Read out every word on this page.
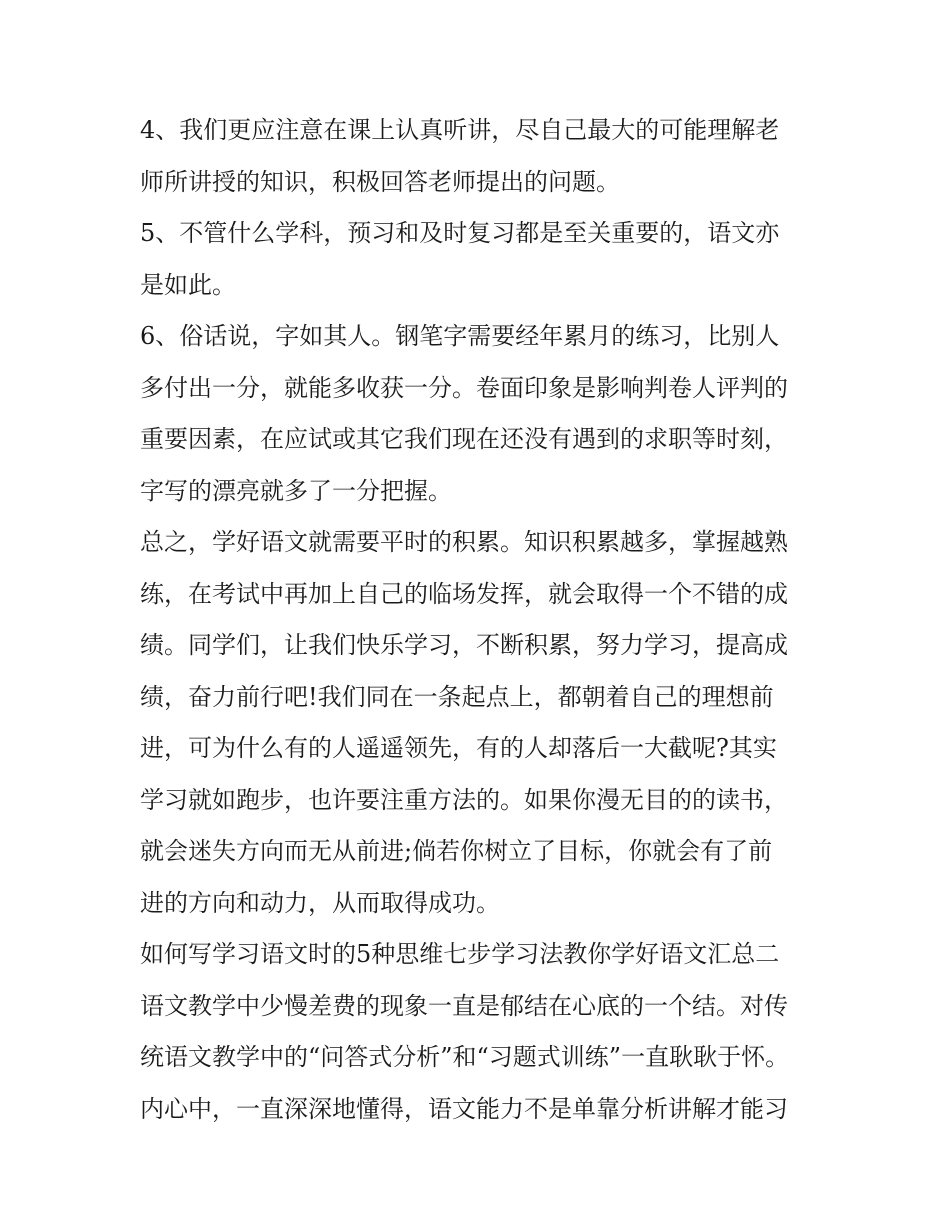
4、我们更应注意在课上认真听讲，尽自己最大的可能理解老
师所讲授的知识，积极回答老师提出的问题。
5、不管什么学科，预习和及时复习都是至关重要的，语文亦
是如此。
6、俗话说，字如其人。钢笔字需要经年累月的练习，比别人
多付出一分，就能多收获一分。卷面印象是影响判卷人评判的
重要因素，在应试或其它我们现在还没有遇到的求职等时刻，
字写的漂亮就多了一分把握。
总之，学好语文就需要平时的积累。知识积累越多，掌握越熟
练，在考试中再加上自己的临场发挥，就会取得一个不错的成
绩。同学们，让我们快乐学习，不断积累，努力学习，提高成
绩，奋力前行吧!我们同在一条起点上，都朝着自己的理想前
进，可为什么有的人遥遥领先，有的人却落后一大截呢?其实
学习就如跑步，也许要注重方法的。如果你漫无目的的读书，
就会迷失方向而无从前进;倘若你树立了目标，你就会有了前
进的方向和动力，从而取得成功。
如何写学习语文时的5种思维七步学习法教你学好语文汇总二
语文教学中少慢差费的现象一直是郁结在心底的一个结。对传
统语文教学中的“问答式分析”和“习题式训练”一直耿耿于怀。
内心中，一直深深地懂得，语文能力不是单靠分析讲解才能习
